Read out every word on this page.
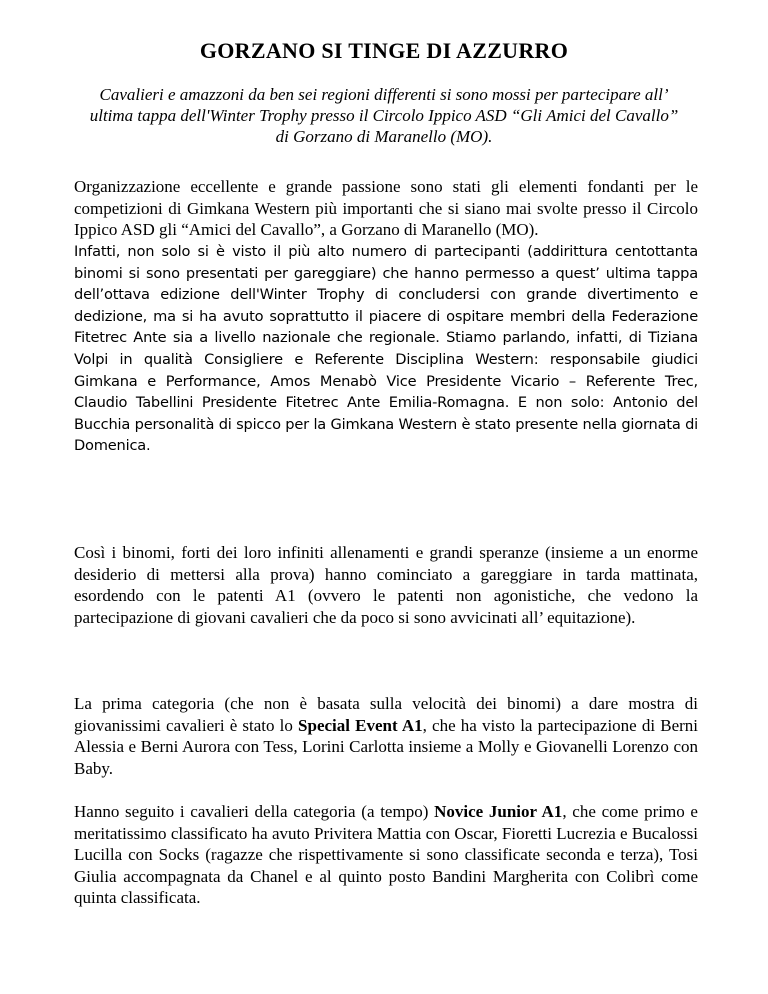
GORZANO SI TINGE DI AZZURRO
Cavalieri e amazzoni da ben sei regioni differenti si sono mossi per partecipare all’ ultima tappa dell'Winter Trophy presso il Circolo Ippico ASD “Gli Amici del Cavallo” di Gorzano di Maranello (MO).
Organizzazione eccellente e grande passione sono stati gli elementi fondanti per le competizioni di Gimkana Western più importanti che si siano mai svolte presso il Circolo Ippico ASD gli “Amici del Cavallo”, a Gorzano di Maranello (MO).
Infatti, non solo si è visto il più alto numero di partecipanti (addirittura centottanta binomi si sono presentati per gareggiare) che hanno permesso a quest’ ultima tappa dell’ottava edizione dell'Winter Trophy di concludersi con grande divertimento e dedizione, ma si ha avuto soprattutto il piacere di ospitare membri della Federazione Fitetrec Ante sia a livello nazionale che regionale. Stiamo parlando, infatti, di Tiziana Volpi in qualità Consigliere e Referente Disciplina Western: responsabile giudici Gimkana e Performance, Amos Menabò Vice Presidente Vicario – Referente Trec, Claudio Tabellini Presidente Fitetrec Ante Emilia-Romagna. E non solo: Antonio del Bucchia personalità di spicco per la Gimkana Western è stato presente nella giornata di Domenica.
Così i binomi, forti dei loro infiniti allenamenti e grandi speranze (insieme a un enorme desiderio di mettersi alla prova) hanno cominciato a gareggiare in tarda mattinata, esordendo con le patenti A1 (ovvero le patenti non agonistiche, che vedono la partecipazione di giovani cavalieri che da poco si sono avvicinati all’ equitazione).
La prima categoria (che non è basata sulla velocità dei binomi) a dare mostra di giovanissimi cavalieri è stato lo Special Event A1, che ha visto la partecipazione di Berni Alessia e Berni Aurora con Tess, Lorini Carlotta insieme a Molly e Giovanelli Lorenzo con Baby.
Hanno seguito i cavalieri della categoria (a tempo) Novice Junior A1, che come primo e meritatissimo classificato ha avuto Privitera Mattia con Oscar, Fioretti Lucrezia e Bucalossi Lucilla con Socks (ragazze che rispettivamente si sono classificate seconda e terza), Tosi Giulia accompagnata da Chanel e al quinto posto Bandini Margherita con Colibrì come quinta classificata.
